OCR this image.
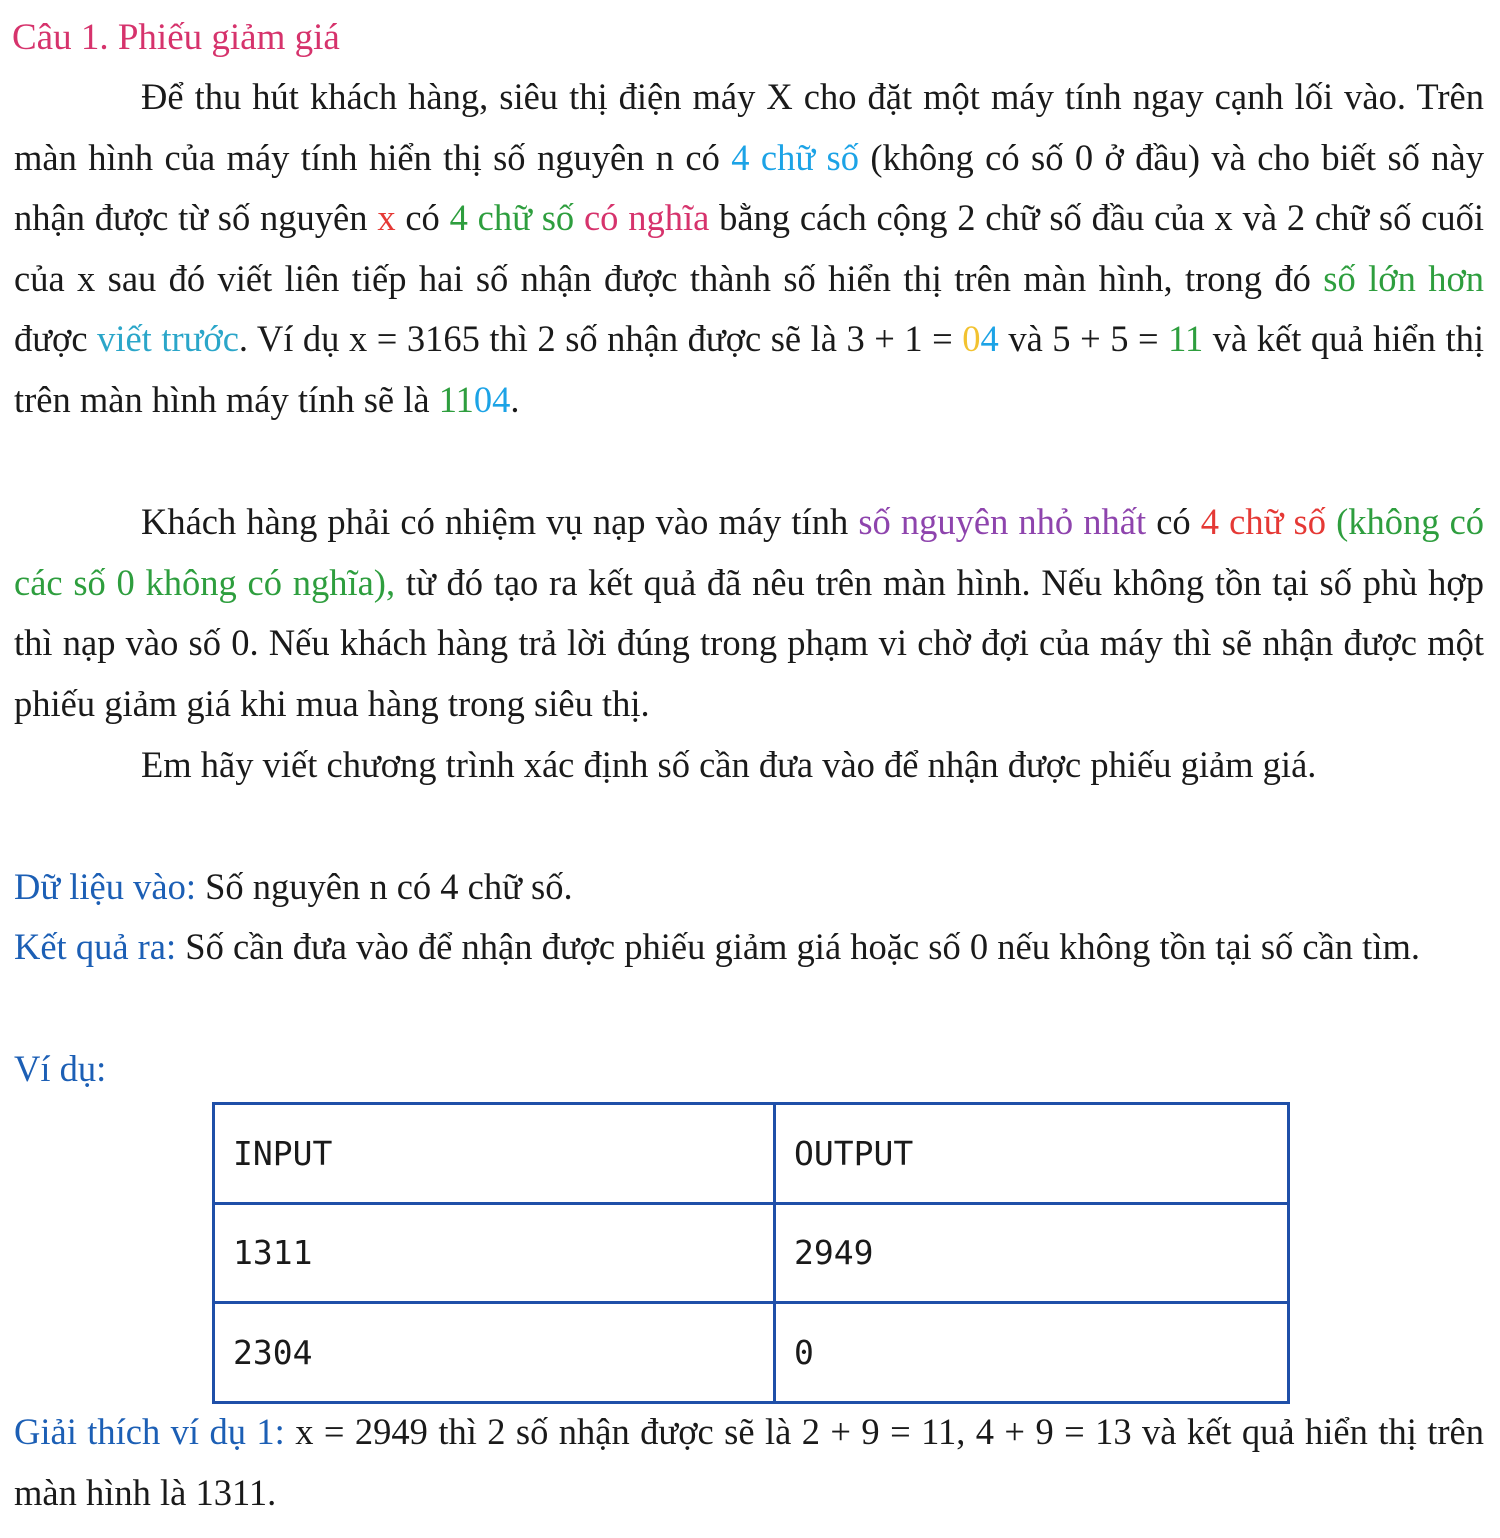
Câu 1. Phiếu giảm giá

Để thu hút khách hàng, siêu thị điện máy X cho đặt một máy tính ngay cạnh lối vào. Trên màn hình của máy tính hiển thị số nguyên n có 4 chữ số (không có số 0 ở đầu) và cho biết số này nhận được từ số nguyên x có 4 chữ số có nghĩa bằng cách cộng 2 chữ số đầu của x và 2 chữ số cuối của x sau đó viết liên tiếp hai số nhận được thành số hiển thị trên màn hình, trong đó số lớn hơn được viết trước. Ví dụ x = 3165 thì 2 số nhận được sẽ là 3 + 1 = 04 và 5 + 5 = 11 và kết quả hiển thị trên màn hình máy tính sẽ là 1104.

Khách hàng phải có nhiệm vụ nạp vào máy tính số nguyên nhỏ nhất có 4 chữ số (không có các số 0 không có nghĩa), từ đó tạo ra kết quả đã nêu trên màn hình. Nếu không tồn tại số phù hợp thì nạp vào số 0. Nếu khách hàng trả lời đúng trong phạm vi chờ đợi của máy thì sẽ nhận được một phiếu giảm giá khi mua hàng trong siêu thị.

Em hãy viết chương trình xác định số cần đưa vào để nhận được phiếu giảm giá.

Dữ liệu vào: Số nguyên n có 4 chữ số.

Kết quả ra: Số cần đưa vào để nhận được phiếu giảm giá hoặc số 0 nếu không tồn tại số cần tìm.

Ví dụ:

INPUT	OUTPUT
1311	2949
2304	0

Giải thích ví dụ 1: x = 2949 thì 2 số nhận được sẽ là 2 + 9 = 11, 4 + 9 = 13 và kết quả hiển thị trên màn hình là 1311.
